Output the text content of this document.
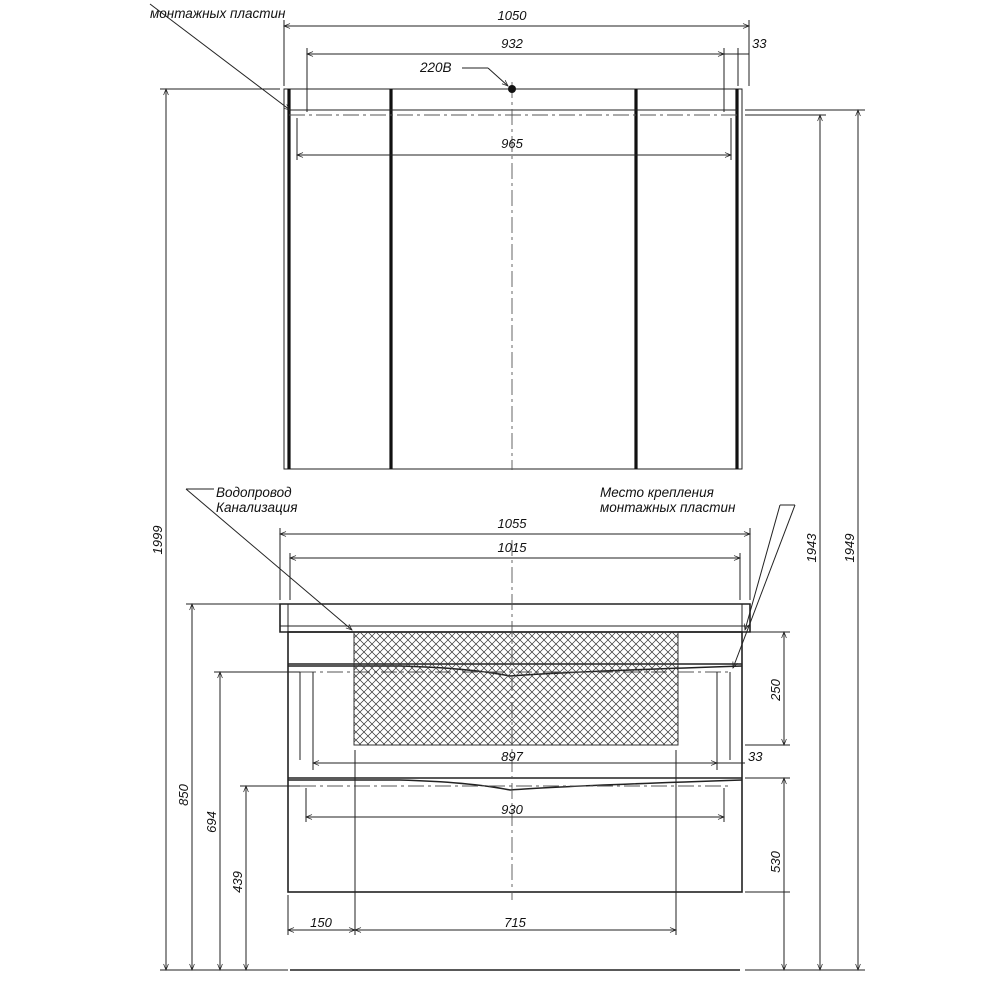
1050
932	33
965
220В
монтажных пластин
1055
1015
897	33
930
150	715
Водопровод
Канализация
Место крепления
монтажных пластин
1999	1943 1949
850
694
439
250
530
